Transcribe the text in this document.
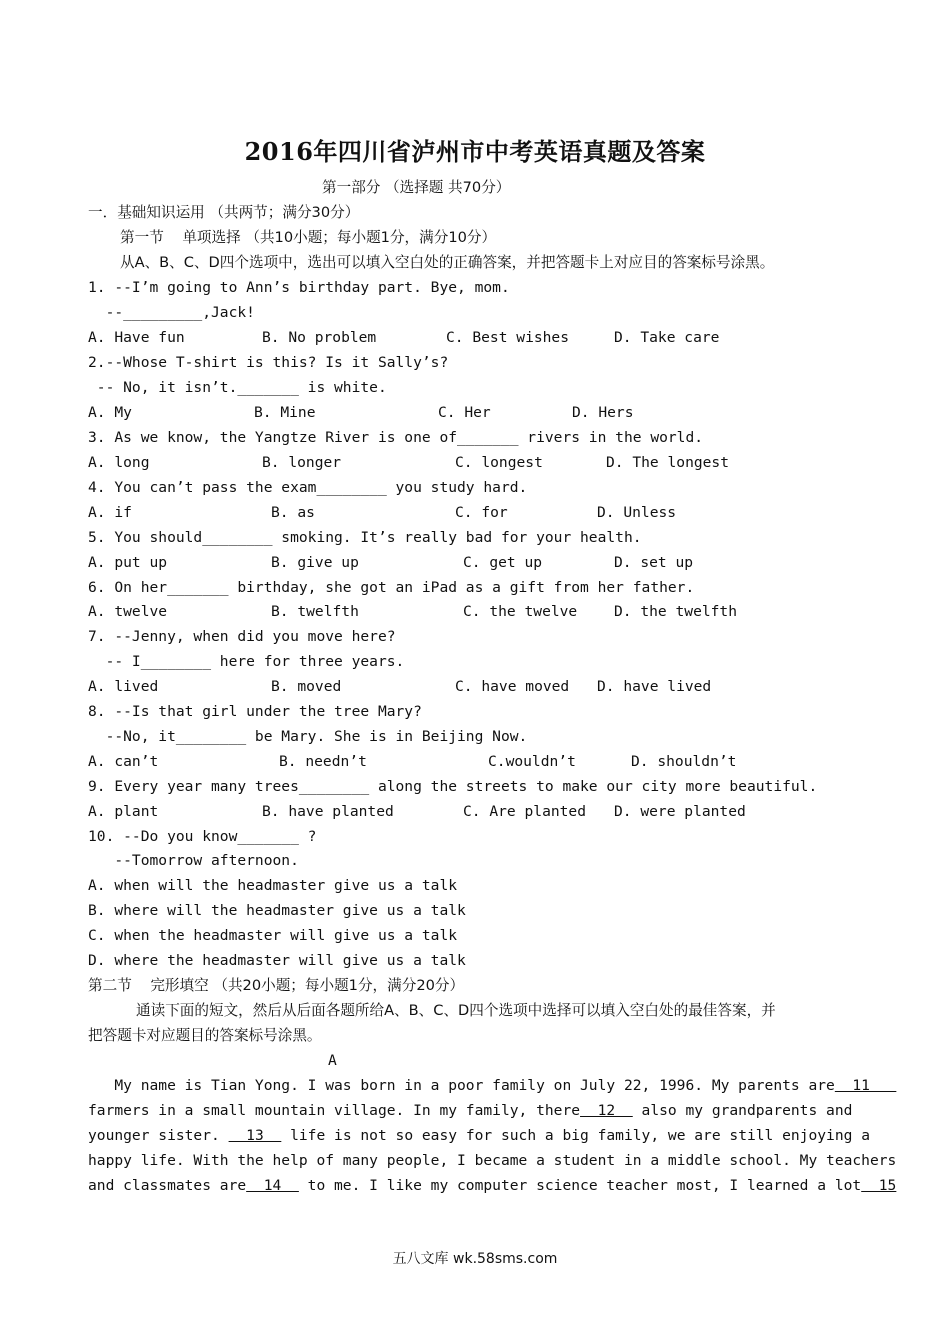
2016年四川省泸州市中考英语真题及答案
第一部分 （选择题 共70分）
一．基础知识运用 （共两节；满分30分）
第一节    单项选择 （共10小题；每小题1分，满分10分）
从A、B、C、D四个选项中，选出可以填入空白处的正确答案，并把答题卡上对应目的答案标号涂黑。
1. --I’m going to Ann’s birthday part. Bye, mom.
--_________,Jack!
A. Have fun	B. No problem	C. Best wishes	D. Take care
2.--Whose T-shirt is this? Is it Sally’s?
-- No, it isn’t._______ is white.
A. My	B. Mine	C. Her	D. Hers
3. As we know, the Yangtze River is one of_______ rivers in the world.
A. long	B. longer	C. longest	D. The longest
4. You can’t pass the exam________ you study hard.
A. if	B. as	C. for	D. Unless
5. You should________ smoking. It’s really bad for your health.
A. put up	B. give up	C. get up	D. set up
6. On her_______ birthday, she got an iPad as a gift from her father.
A. twelve	B. twelfth	C. the twelve	D. the twelfth
7. --Jenny, when did you move here?
-- I________ here for three years.
A. lived	B. moved	C. have moved D. have lived
8. --Is that girl under the tree Mary?
--No, it________ be Mary. She is in Beijing Now.
A. can’t	B. needn’t	C.wouldn’t	D. shouldn’t
9. Every year many trees________ along the streets to make our city more beautiful.
A. plant	B. have planted	C. Are planted D. were planted
10. --Do you know_______ ?
--Tomorrow afternoon.
A. when will the headmaster give us a talk
B. where will the headmaster give us a talk
C. when the headmaster will give us a talk
D. where the headmaster will give us a talk
第二节    完形填空 （共20小题；每小题1分，满分20分）
通读下面的短文，然后从后面各题所给A、B、C、D四个选项中选择可以填入空白处的最佳答案，并
把答题卡对应题目的答案标号涂黑。
A
My name is Tian Yong. I was born in a poor family on July 22, 1996. My parents are  11
farmers in a small mountain village. In my family, there  12   also my grandparents and
younger sister.   13   life is not so easy for such a big family, we are still enjoying a
happy life. With the help of many people, I became a student in a middle school. My teachers
and classmates are  14   to me. I like my computer science teacher most, I learned a lot  15
五八文库 wk.58sms.com
